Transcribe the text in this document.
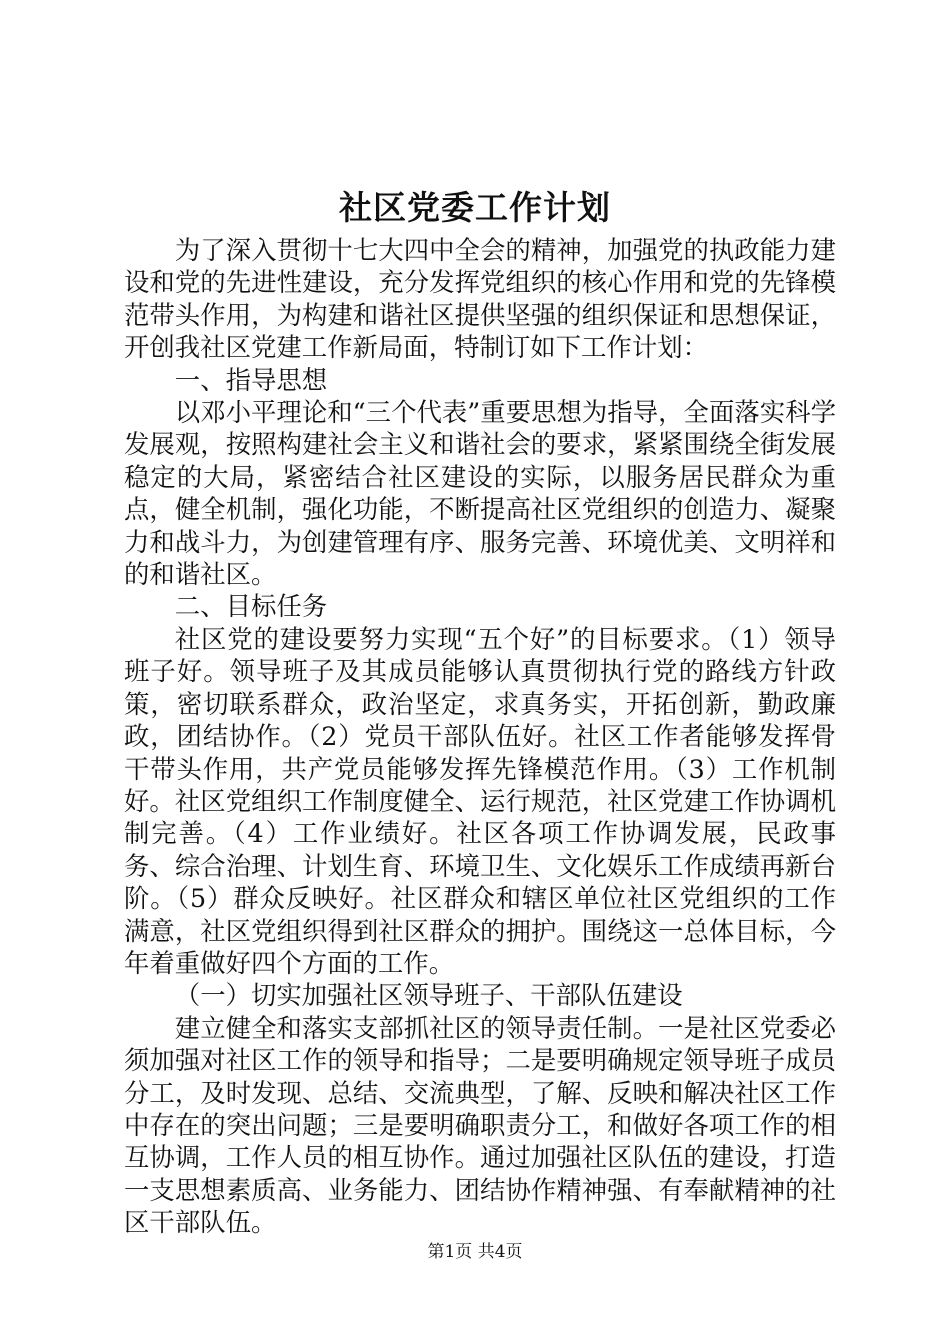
社区党委工作计划

为了深入贯彻十七大四中全会的精神，加强党的执政能力建设和党的先进性建设，充分发挥党组织的核心作用和党的先锋模范带头作用，为构建和谐社区提供坚强的组织保证和思想保证，开创我社区党建工作新局面，特制订如下工作计划：

一、指导思想

以邓小平理论和“三个代表”重要思想为指导，全面落实科学发展观，按照构建社会主义和谐社会的要求，紧紧围绕全街发展稳定的大局，紧密结合社区建设的实际，以服务居民群众为重点，健全机制，强化功能，不断提高社区党组织的创造力、凝聚力和战斗力，为创建管理有序、服务完善、环境优美、文明祥和的和谐社区。

二、目标任务

社区党的建设要努力实现“五个好”的目标要求。（1）领导班子好。领导班子及其成员能够认真贯彻执行党的路线方针政策，密切联系群众，政治坚定，求真务实，开拓创新，勤政廉政，团结协作。（2）党员干部队伍好。社区工作者能够发挥骨干带头作用，共产党员能够发挥先锋模范作用。（3）工作机制好。社区党组织工作制度健全、运行规范，社区党建工作协调机制完善。（4）工作业绩好。社区各项工作协调发展，民政事务、综合治理、计划生育、环境卫生、文化娱乐工作成绩再新台阶。（5）群众反映好。社区群众和辖区单位社区党组织的工作满意，社区党组织得到社区群众的拥护。围绕这一总体目标，今年着重做好四个方面的工作。

（一）切实加强社区领导班子、干部队伍建设

建立健全和落实支部抓社区的领导责任制。一是社区党委必须加强对社区工作的领导和指导；二是要明确规定领导班子成员分工，及时发现、总结、交流典型，了解、反映和解决社区工作中存在的突出问题；三是要明确职责分工，和做好各项工作的相互协调，工作人员的相互协作。通过加强社区队伍的建设，打造一支思想素质高、业务能力、团结协作精神强、有奉献精神的社区干部队伍。

第1页 共4页
